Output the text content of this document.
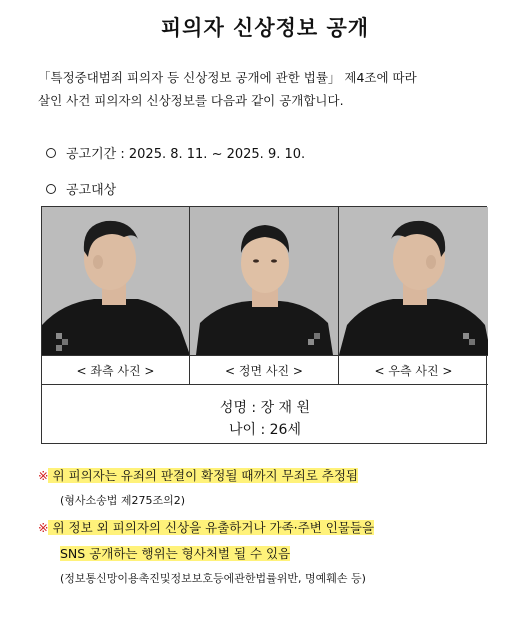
피의자 신상정보 공개
「특정중대범죄 피의자 등 신상정보 공개에 관한 법률」 제4조에 따라
살인 사건 피의자의 신상정보를 다음과 같이 공개합니다.
공고기간 : 2025. 8. 11. ~ 2025. 9. 10.
공고대상
< 좌측 사진 >	< 정면 사진 >	< 우측 사진 >
성명 : 장 재 원
나이 : 26세
※ 위 피의자는 유죄의 판결이 확정될 때까지 무죄로 추정됨
(형사소송법 제275조의2)
※ 위 정보 외 피의자의 신상을 유출하거나 가족·주변 인물들을
SNS 공개하는 행위는 형사처벌 될 수 있음
(정보통신망이용촉진및정보보호등에관한법률위반, 명예훼손 등)
